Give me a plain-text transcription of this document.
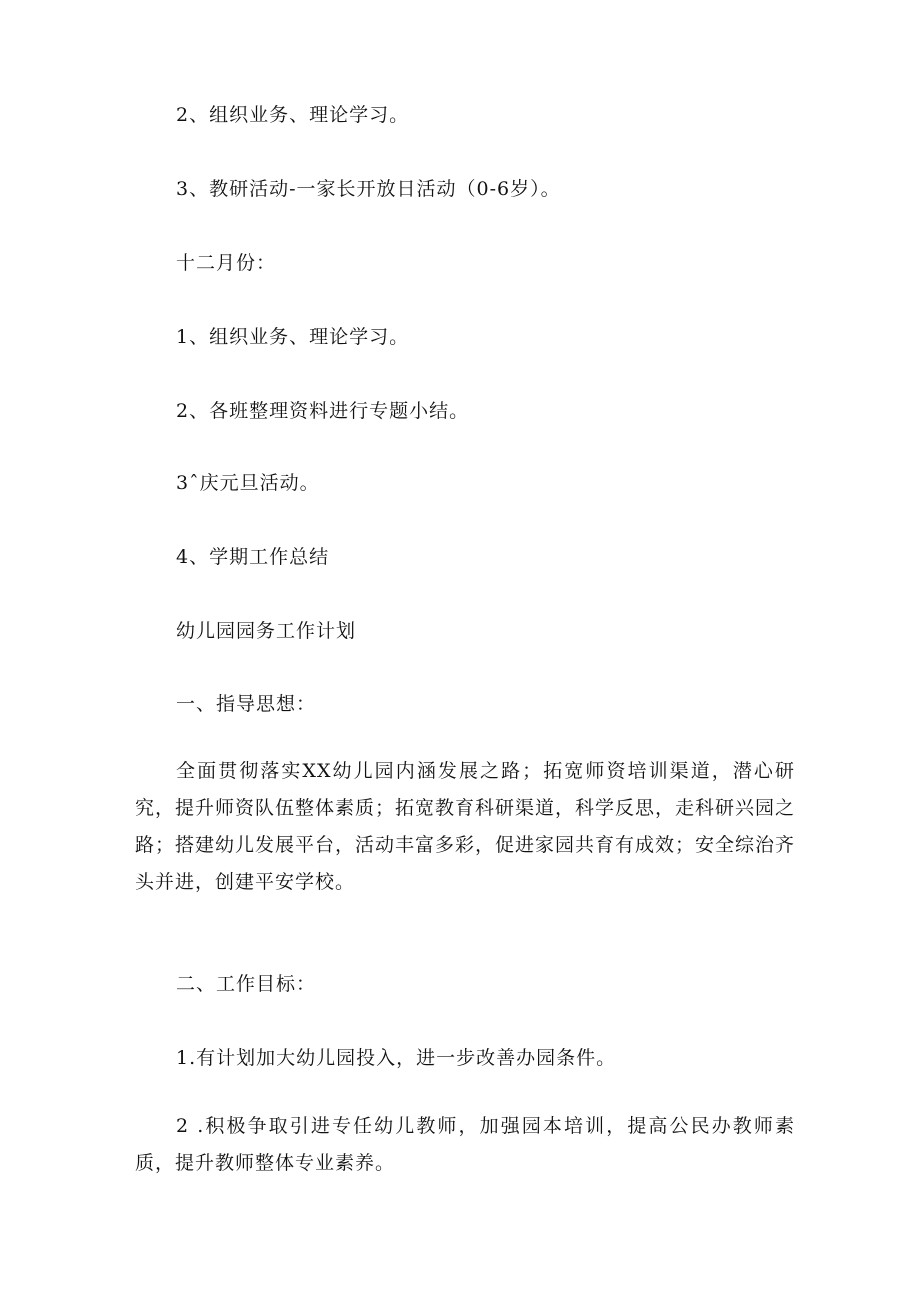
2、组织业务、理论学习。
3、教研活动-一家长开放日活动（0-6岁）。
十二月份：
1、组织业务、理论学习。
2、各班整理资料进行专题小结。
3ˆ庆元旦活动。
4、学期工作总结
幼儿园园务工作计划
一、指导思想：
全面贯彻落实XX幼儿园内涵发展之路；拓宽师资培训渠道，潜心研究，提升师资队伍整体素质；拓宽教育科研渠道，科学反思，走科研兴园之路；搭建幼儿发展平台，活动丰富多彩，促进家园共育有成效；安全综治齐头并进，创建平安学校。
二、工作目标：
1.有计划加大幼儿园投入，进一步改善办园条件。
2 .积极争取引进专任幼儿教师，加强园本培训，提高公民办教师素质，提升教师整体专业素养。
